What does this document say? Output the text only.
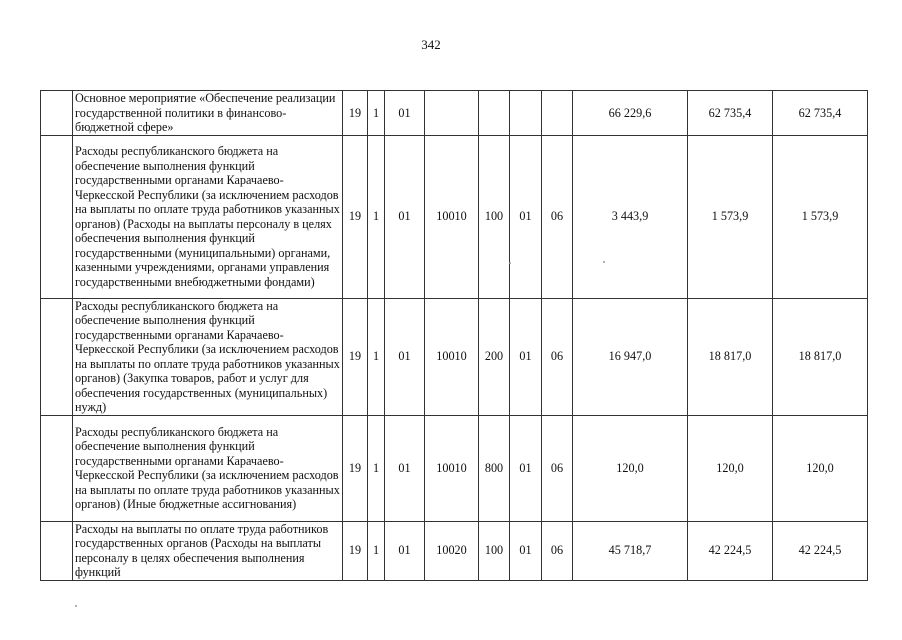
342
	Основное мероприятие «Обеспечение реализации государственной политики в финансово-бюджетной сфере»	19	1	01					66 229,6	62 735,4	62 735,4
	Расходы республиканского бюджета на обеспечение выполнения функций государственными органами Карачаево-Черкесской Республики (за исключением расходов на выплаты по оплате труда работников указанных органов) (Расходы на выплаты персоналу в целях обеспечения выполнения функций государственными (муниципальными) органами, казенными учреждениями, органами управления государственными внебюджетными фондами)	19	1	01	10010	100	01	06	3 443,9	1 573,9	1 573,9
	Расходы республиканского бюджета на обеспечение выполнения функций государственными органами Карачаево-Черкесской Республики (за исключением расходов на выплаты по оплате труда работников указанных органов) (Закупка товаров, работ и услуг для обеспечения государственных (муниципальных) нужд)	19	1	01	10010	200	01	06	16 947,0	18 817,0	18 817,0
	Расходы республиканского бюджета на обеспечение выполнения функций государственными органами Карачаево-Черкесской Республики (за исключением расходов на выплаты по оплате труда работников указанных органов) (Иные бюджетные ассигнования)	19	1	01	10010	800	01	06	120,0	120,0	120,0
	Расходы на выплаты по оплате труда работников государственных органов (Расходы на выплаты персоналу в целях обеспечения выполнения функций	19	1	01	10020	100	01	06	45 718,7	42 224,5	42 224,5
